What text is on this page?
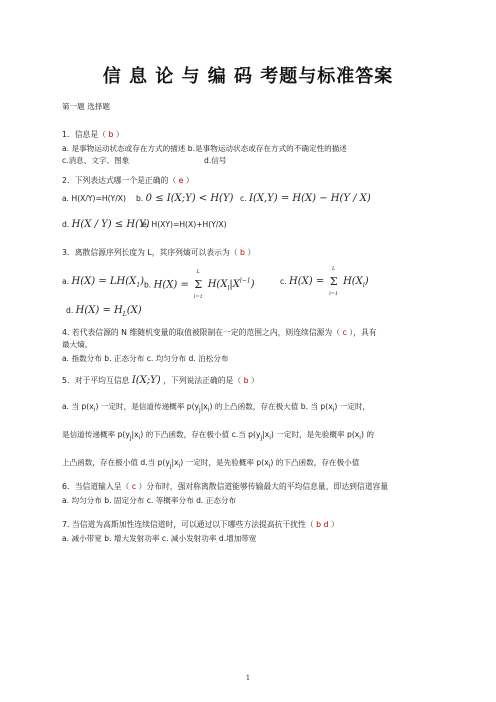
信 息 论 与 编 码 考题与标准答案
第一题 选择题
1．信息是（ b ）
a. 是事物运动状态或存在方式的描述 b.是事物运动状态或存在方式的不确定性的描述
c.消息、文字、图象	d.信号
2．下列表达式哪一个是正确的（ e ）
a. H(X/Y)=H(Y/X) b. 0 ≤ I(X;Y) < H(Y) c. I(X,Y) = H(X) − H(Y / X)
d. H(X / Y) ≤ H(Y)
e. H(XY)=H(X)+H(Y/X)
3．离散信源序列长度为 L，其序列熵可以表示为（ b ）
a. $H(X) = LH(X_1)$ b. H(X) = Σ
L
l=1
$H(X_l|X^{l-1})$	c. H(X) = Σ
L
l=1
$H(X_l)$
d. $H(X) = H_L(X)$
4. 若代表信源的 N 维随机变量的取值被限制在一定的范围之内，则连续信源为（ c ），具有
最大熵。
a. 指数分布 b. 正态分布 c. 均匀分布 d. 泊松分布
5．对于平均互信息 I(X;Y) ，下列说法正确的是（ b ）
a. 当 $p(x_i)$ 一定时，是信道传递概率 $p(y_j|x_i)$ 的上凸函数，存在极大值 b. 当 $p(x_i)$ 一定时，
是信道传递概率 $p(y_j|x_i)$ 的下凸函数，存在极小值 c.当 $p(y_j|x_i)$ 一定时，是先验概率 $p(x_i)$ 的
上凸函数，存在极小值 d.当 $p(y_j|x_i)$ 一定时，是先验概率 $p(x_i)$ 的下凸函数，存在极小值
6．当信道输入呈（ c ）分布时，强对称离散信道能够传输最大的平均信息量，即达到信道容量
a. 均匀分布 b. 固定分布 c. 等概率分布 d. 正态分布
7. 当信道为高斯加性连续信道时，可以通过以下哪些方法提高抗干扰性（ b d ）
a. 减小带宽 b. 增大发射功率 c. 减小发射功率 d.增加带宽
1
